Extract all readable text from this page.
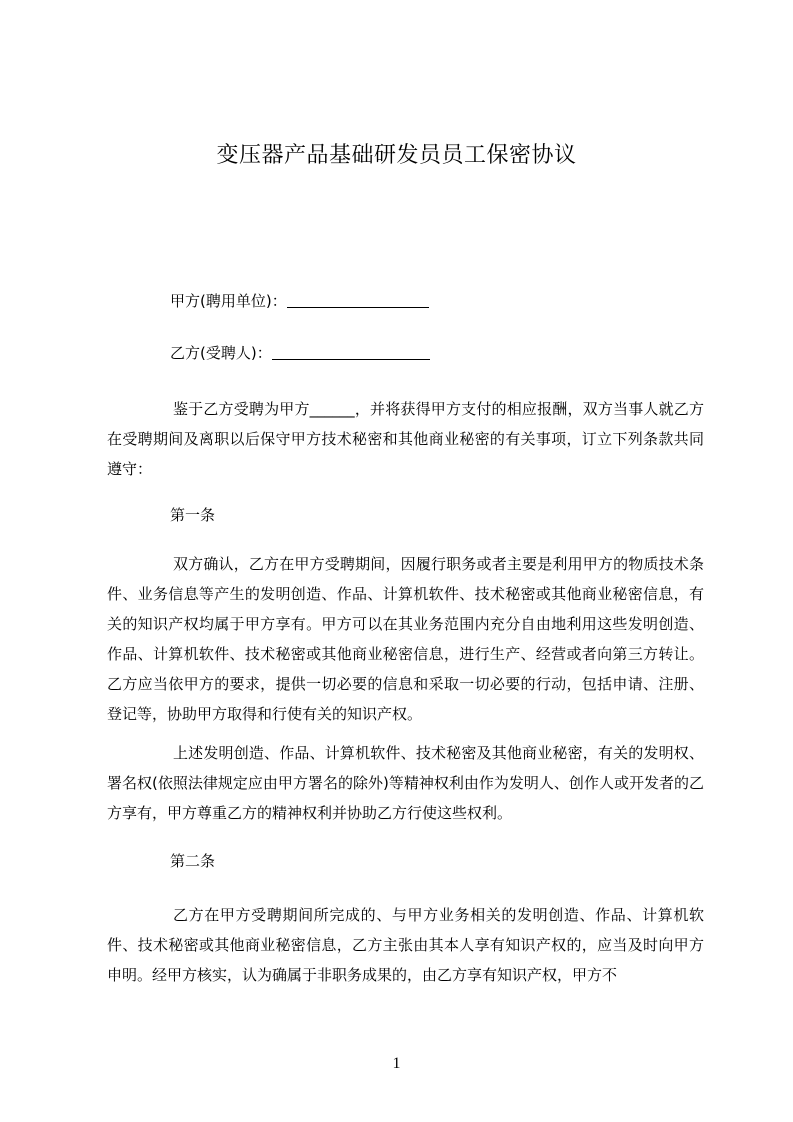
变压器产品基础研发员员工保密协议
甲方(聘用单位)：
乙方(受聘人)：

鉴于乙方受聘为甲方______，并将获得甲方支付的相应报酬，双方当事人就乙方在受聘期间及离职以后保守甲方技术秘密和其他商业秘密的有关事项，订立下列条款共同遵守：

第一条

双方确认，乙方在甲方受聘期间，因履行职务或者主要是利用甲方的物质技术条件、业务信息等产生的发明创造、作品、计算机软件、技术秘密或其他商业秘密信息，有关的知识产权均属于甲方享有。甲方可以在其业务范围内充分自由地利用这些发明创造、作品、计算机软件、技术秘密或其他商业秘密信息，进行生产、经营或者向第三方转让。乙方应当依甲方的要求，提供一切必要的信息和采取一切必要的行动，包括申请、注册、登记等，协助甲方取得和行使有关的知识产权。

上述发明创造、作品、计算机软件、技术秘密及其他商业秘密，有关的发明权、署名权(依照法律规定应由甲方署名的除外)等精神权利由作为发明人、创作人或开发者的乙方享有，甲方尊重乙方的精神权利并协助乙方行使这些权利。

第二条

乙方在甲方受聘期间所完成的、与甲方业务相关的发明创造、作品、计算机软件、技术秘密或其他商业秘密信息，乙方主张由其本人享有知识产权的，应当及时向甲方申明。经甲方核实，认为确属于非职务成果的，由乙方享有知识产权，甲方不

1
